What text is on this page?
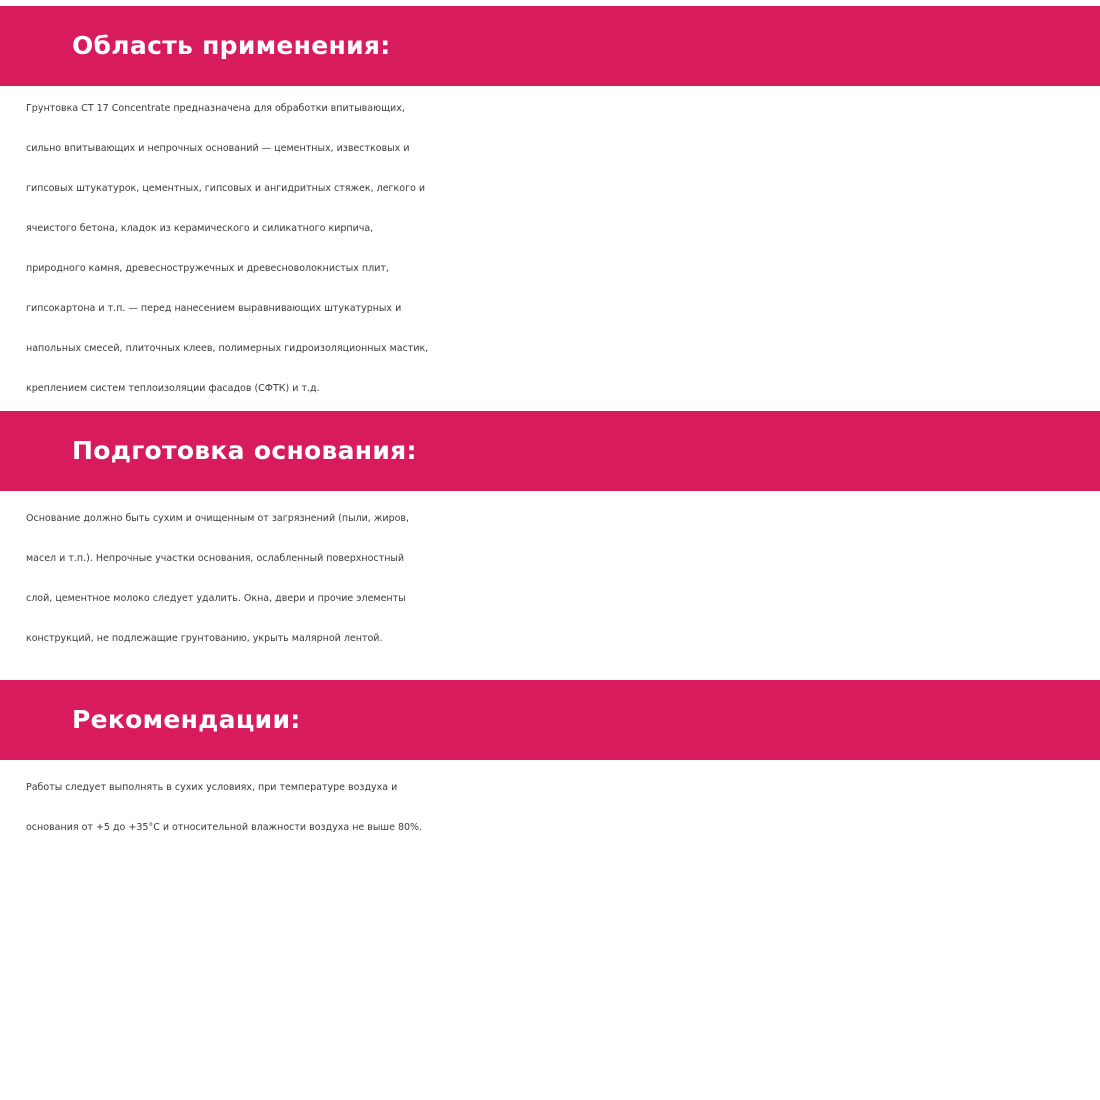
Область применения:
Грунтовка CT 17 Concentrate предназначена для обработки впитывающих,
сильно впитывающих и непрочных оснований — цементных, известковых и
гипсовых штукатурок, цементных, гипсовых и ангидритных стяжек, легкого и
ячеистого бетона, кладок из керамического и силикатного кирпича,
природного камня, древесностружечных и древесноволокнистых плит,
гипсокартона и т.п. — перед нанесением выравнивающих штукатурных и
напольных смесей, плиточных клеев, полимерных гидроизоляционных мастик,
креплением систем теплоизоляции фасадов (СФТК) и т.д.
Подготовка основания:
Основание должно быть сухим и очищенным от загрязнений (пыли, жиров,
масел и т.п.). Непрочные участки основания, ослабленный поверхностный
слой, цементное молоко следует удалить. Окна, двери и прочие элементы
конструкций, не подлежащие грунтованию, укрыть малярной лентой.
Рекомендации:
Работы следует выполнять в сухих условиях, при температуре воздуха и
основания от +5 до +35°С и относительной влажности воздуха не выше 80%.
